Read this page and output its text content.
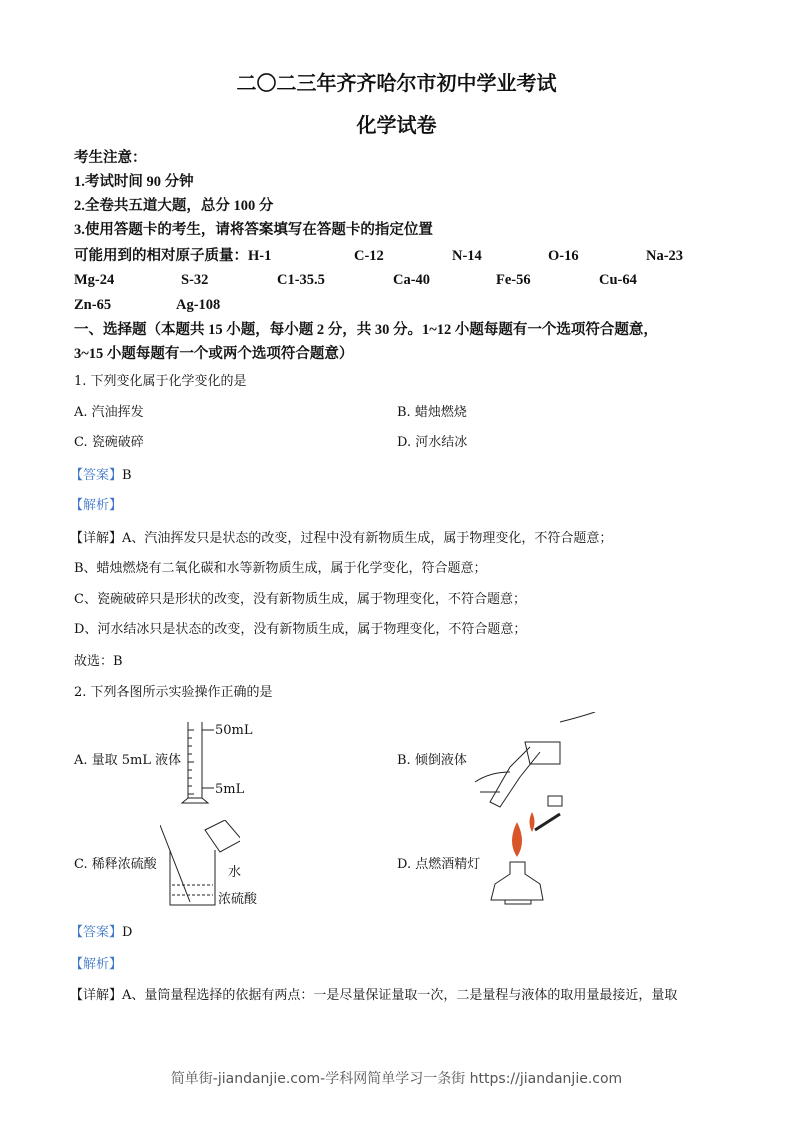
二〇二三年齐齐哈尔市初中学业考试
化学试卷
考生注意：
1.考试时间 90 分钟
2.全卷共五道大题，总分 100 分
3.使用答题卡的考生，请将答案填写在答题卡的指定位置
可能用到的相对原子质量： H-1	C-12	N-14	O-16	Na-23
Mg-24	S-32	C1-35.5	Ca-40	Fe-56	Cu-64
Zn-65	Ag-108
一、选择题（本题共 15 小题，每小题 2 分，共 30 分。1~12 小题每题有一个选项符合题意，
3~15 小题每题有一个或两个选项符合题意）
1. 下列变化属于化学变化的是
A. 汽油挥发	B. 蜡烛燃烧
C. 瓷碗破碎	D. 河水结冰
【答案】B
【解析】
【详解】A、汽油挥发只是状态的改变，过程中没有新物质生成，属于物理变化，不符合题意；
B、蜡烛燃烧有二氧化碳和水等新物质生成，属于化学变化，符合题意；
C、瓷碗破碎只是形状的改变，没有新物质生成，属于物理变化，不符合题意；
D、河水结冰只是状态的改变，没有新物质生成，属于物理变化，不符合题意；
故选：B
2. 下列各图所示实验操作正确的是
A. 量取 5mL 液体	B. 倾倒液体
C. 稀释浓硫酸	D. 点燃酒精灯
50mL
5mL
水
浓硫酸
【答案】D
【解析】
【详解】A、量筒量程选择的依据有两点：一是尽量保证量取一次，二是量程与液体的取用量最接近，量取
简单街-jiandanjie.com-学科网简单学习一条街 https://jiandanjie.com
